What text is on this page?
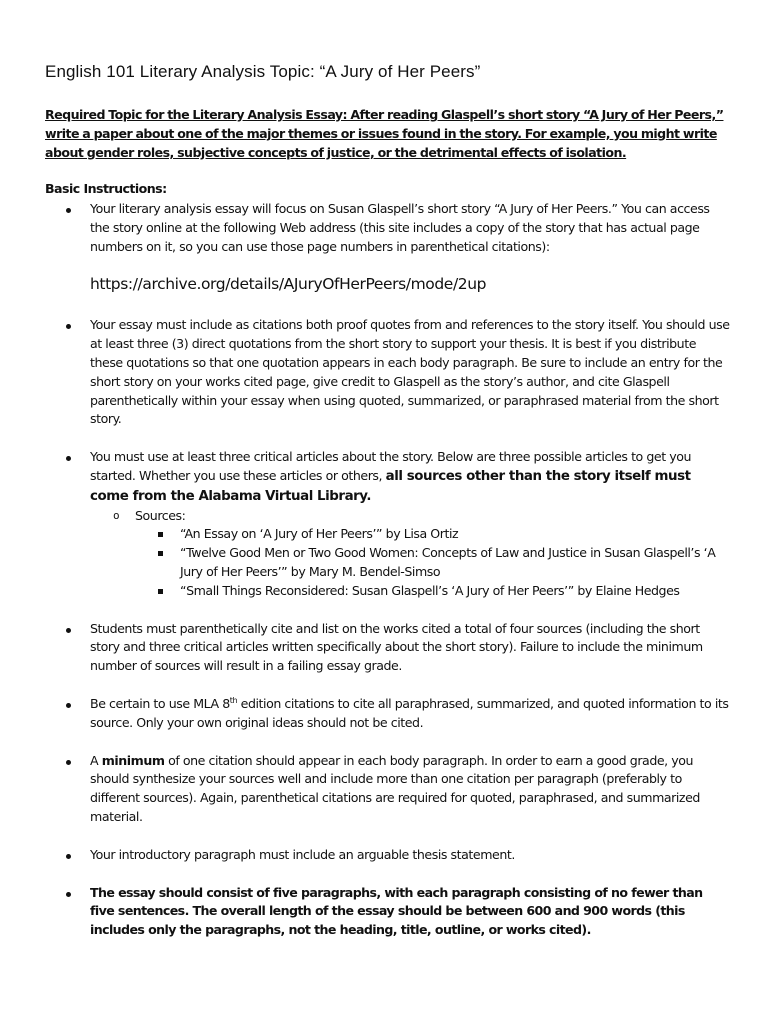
English 101 Literary Analysis Topic: “A Jury of Her Peers”

Required Topic for the Literary Analysis Essay: After reading Glaspell’s short story “A Jury of Her Peers,” write a paper about one of the major themes or issues found in the story. For example, you might write about gender roles, subjective concepts of justice, or the detrimental effects of isolation.

Basic Instructions:

Your literary analysis essay will focus on Susan Glaspell’s short story “A Jury of Her Peers.” You can access the story online at the following Web address (this site includes a copy of the story that has actual page numbers on it, so you can use those page numbers in parenthetical citations):

https://archive.org/details/AJuryOfHerPeers/mode/2up

Your essay must include as citations both proof quotes from and references to the story itself. You should use at least three (3) direct quotations from the short story to support your thesis. It is best if you distribute these quotations so that one quotation appears in each body paragraph. Be sure to include an entry for the short story on your works cited page, give credit to Glaspell as the story’s author, and cite Glaspell parenthetically within your essay when using quoted, summarized, or paraphrased material from the short story.
You must use at least three critical articles about the story. Below are three possible articles to get you started. Whether you use these articles or others, all sources other than the story itself must come from the Alabama Virtual Library.
o Sources:
“An Essay on ‘A Jury of Her Peers’” by Lisa Ortiz
“Twelve Good Men or Two Good Women: Concepts of Law and Justice in Susan Glaspell’s ‘A Jury of Her Peers’” by Mary M. Bendel-Simso
“Small Things Reconsidered: Susan Glaspell’s ‘A Jury of Her Peers’” by Elaine Hedges
Students must parenthetically cite and list on the works cited a total of four sources (including the short story and three critical articles written specifically about the short story). Failure to include the minimum number of sources will result in a failing essay grade.
Be certain to use MLA 8th edition citations to cite all paraphrased, summarized, and quoted information to its source. Only your own original ideas should not be cited.
A minimum of one citation should appear in each body paragraph. In order to earn a good grade, you should synthesize your sources well and include more than one citation per paragraph (preferably to different sources). Again, parenthetical citations are required for quoted, paraphrased, and summarized material.
Your introductory paragraph must include an arguable thesis statement.
The essay should consist of five paragraphs, with each paragraph consisting of no fewer than five sentences. The overall length of the essay should be between 600 and 900 words (this includes only the paragraphs, not the heading, title, outline, or works cited).
